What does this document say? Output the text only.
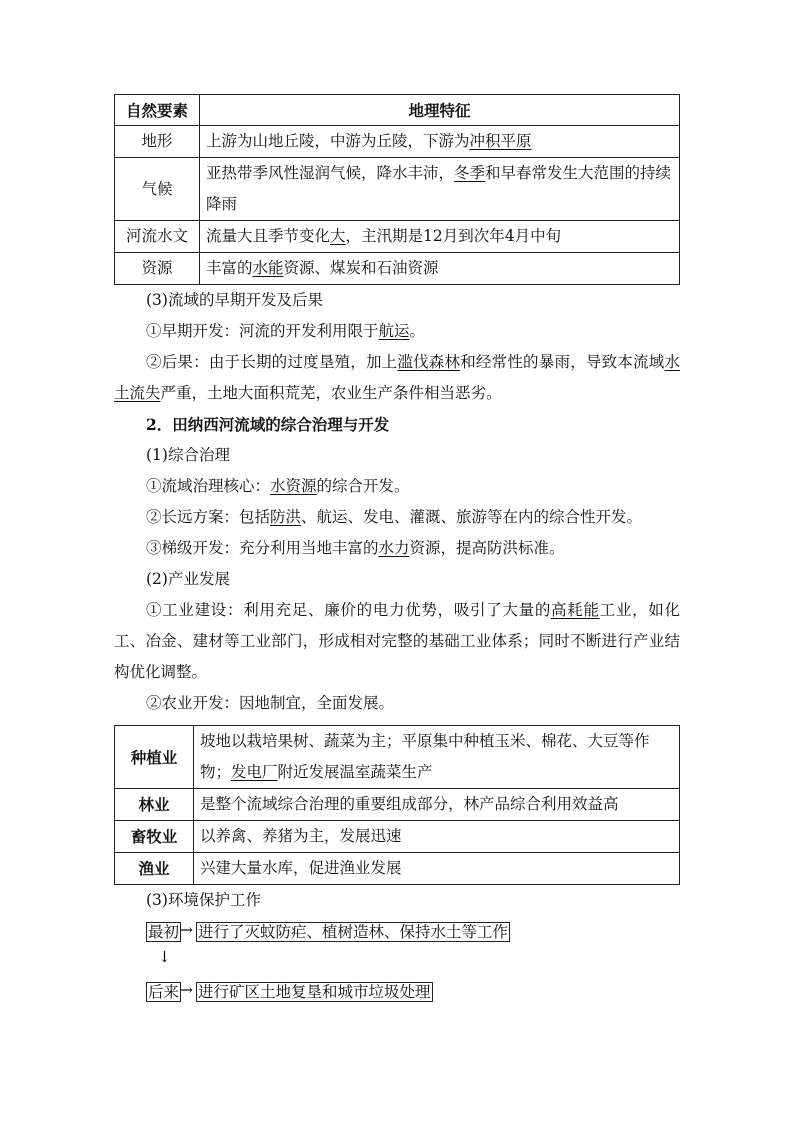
自然要素	地理特征
地形	上游为山地丘陵，中游为丘陵，下游为冲积平原
气候	亚热带季风性湿润气候，降水丰沛，冬季和早春常发生大范围的持续降雨
河流水文	流量大且季节变化大，主汛期是12月到次年4月中旬
资源	丰富的水能资源、煤炭和石油资源

(3)流域的早期开发及后果

①早期开发：河流的开发利用限于航运。

②后果：由于长期的过度垦殖，加上滥伐森林和经常性的暴雨，导致本流域水土流失严重，土地大面积荒芜，农业生产条件相当恶劣。

2．田纳西河流域的综合治理与开发

(1)综合治理

①流域治理核心：水资源的综合开发。

②长远方案：包括防洪、航运、发电、灌溉、旅游等在内的综合性开发。

③梯级开发：充分利用当地丰富的水力资源，提高防洪标准。

(2)产业发展

①工业建设：利用充足、廉价的电力优势，吸引了大量的高耗能工业，如化工、冶金、建材等工业部门，形成相对完整的基础工业体系；同时不断进行产业结构优化调整。

②农业开发：因地制宜，全面发展。

种植业	坡地以栽培果树、蔬菜为主；平原集中种植玉米、棉花、大豆等作物；发电厂附近发展温室蔬菜生产
林业	是整个流域综合治理的重要组成部分，林产品综合利用效益高
畜牧业	以养禽、养猪为主，发展迅速
渔业	兴建大量水库，促进渔业发展

(3)环境保护工作

最初 → 进行了灭蚊防疟、植树造林、保持水土等工作
↓
后来 → 进行矿区土地复垦和城市垃圾处理
